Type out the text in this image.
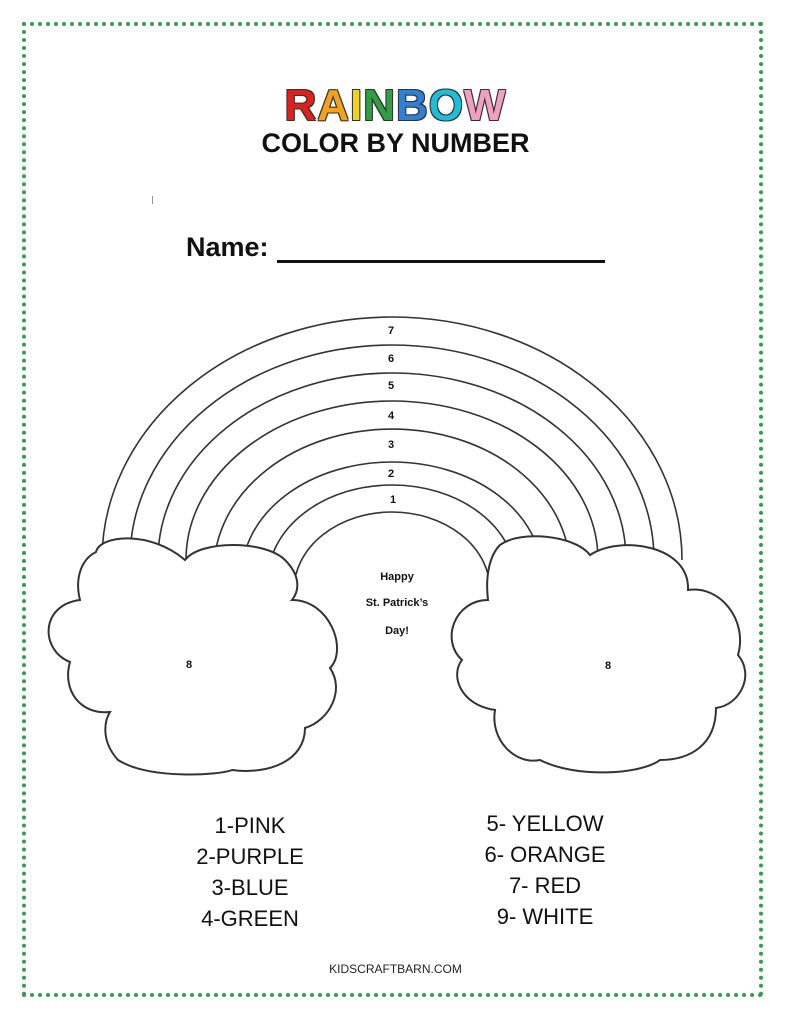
RAINBOW
COLOR BY NUMBER
Name:
7
6
5
4
3
2
1
8	8
Happy
St. Patrick’s
Day!
1-PINK
2-PURPLE
3-BLUE
4-GREEN
5- YELLOW
6- ORANGE
7- RED
9- WHITE
KIDSCRAFTBARN.COM
